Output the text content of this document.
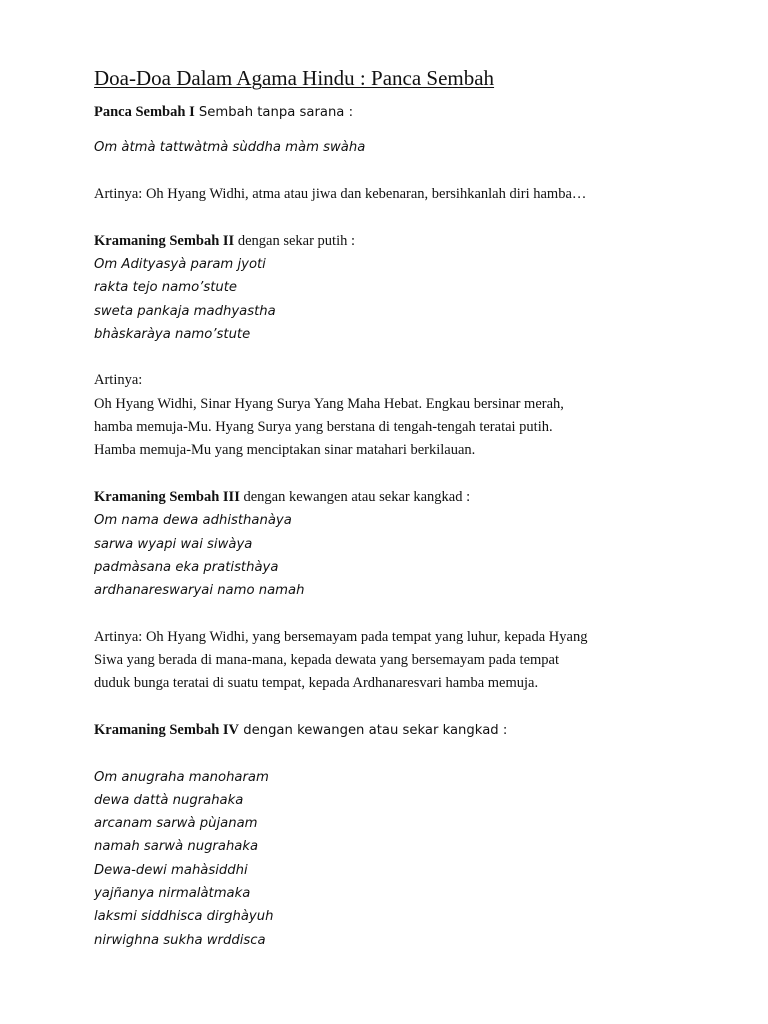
Doa-Doa Dalam Agama Hindu : Panca Sembah
Panca Sembah I Sembah tanpa sarana :
Om àtmà tattwàtmà sùddha màm swàha
Artinya: Oh Hyang Widhi, atma atau jiwa dan kebenaran, bersihkanlah diri hamba…
Kramaning Sembah II dengan sekar putih :
Om Adityasyà param jyoti
rakta tejo namo’stute
sweta pankaja madhyastha
bhàskaràya namo’stute
Artinya:
Oh Hyang Widhi, Sinar Hyang Surya Yang Maha Hebat. Engkau bersinar merah,
hamba memuja-Mu. Hyang Surya yang berstana di tengah-tengah teratai putih.
Hamba memuja-Mu yang menciptakan sinar matahari berkilauan.
Kramaning Sembah III dengan kewangen atau sekar kangkad :
Om nama dewa adhisthanàya
sarwa wyapi wai siwàya
padmàsana eka pratisthàya
ardhanareswaryai namo namah
Artinya: Oh Hyang Widhi, yang bersemayam pada tempat yang luhur, kepada Hyang
Siwa yang berada di mana-mana, kepada dewata yang bersemayam pada tempat
duduk bunga teratai di suatu tempat, kepada Ardhanaresvari hamba memuja.
Kramaning Sembah IV dengan kewangen atau sekar kangkad :
Om anugraha manoharam
dewa dattà nugrahaka
arcanam sarwà pùjanam
namah sarwà nugrahaka
Dewa-dewi mahàsiddhi
yajñanya nirmalàtmaka
laksmi siddhisca dirghàyuh
nirwighna sukha wrddisca
